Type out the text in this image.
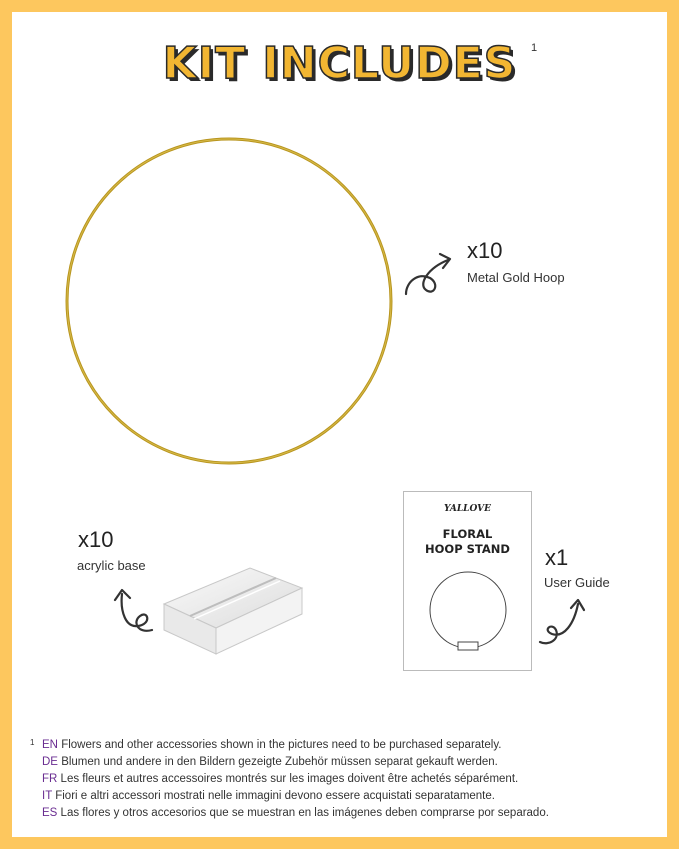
KIT INCLUDES	1
x10
Metal Gold Hoop
x10
acrylic base
YALLOVE
FLORAL
HOOP STAND	x1
User Guide
1 EN Flowers and other accessories shown in the pictures need to be purchased separately.
DE Blumen und andere in den Bildern gezeigte Zubehör müssen separat gekauft werden.
FR Les fleurs et autres accessoires montrés sur les images doivent être achetés séparément.
IT Fiori e altri accessori mostrati nelle immagini devono essere acquistati separatamente.
ES Las flores y otros accesorios que se muestran en las imágenes deben comprarse por separado.
